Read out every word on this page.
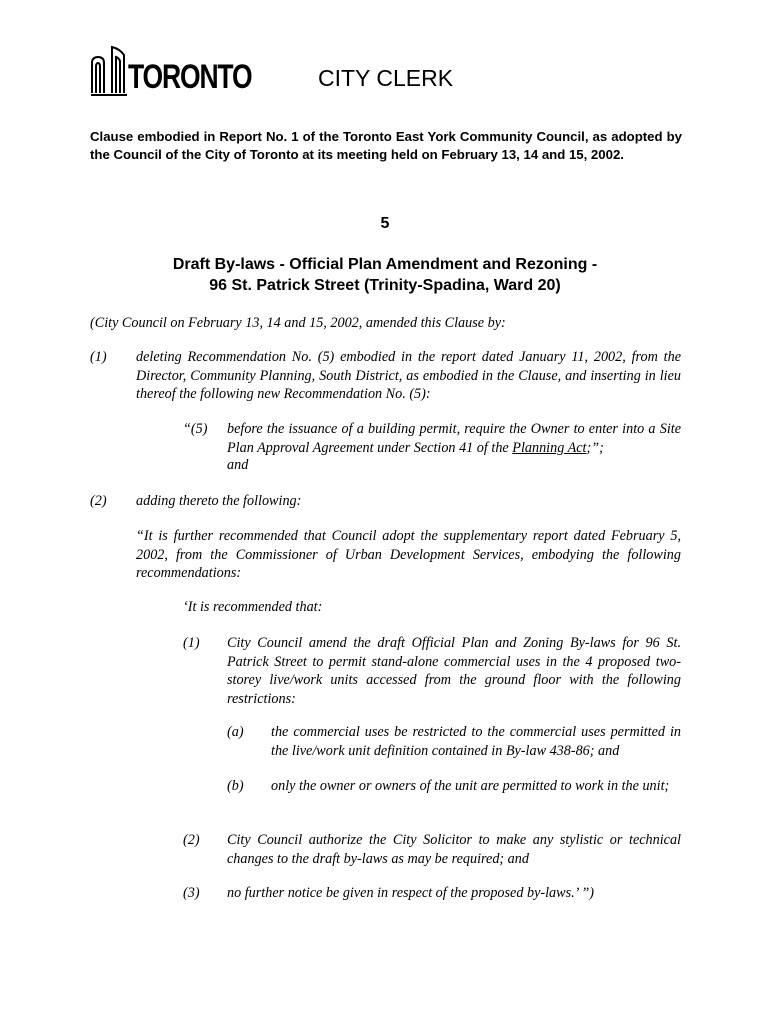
TORONTO	CITY CLERK
Clause embodied in Report No. 1 of the Toronto East York Community Council, as adopted by the Council of the City of Toronto at its meeting held on February 13, 14 and 15, 2002.
5
Draft By-laws - Official Plan Amendment and Rezoning -
96 St. Patrick Street (Trinity-Spadina, Ward 20)
(City Council on February 13, 14 and 15, 2002, amended this Clause by:
(1) deleting Recommendation No. (5) embodied in the report dated January 11, 2002, from the Director, Community Planning, South District, as embodied in the Clause, and inserting in lieu thereof the following new Recommendation No. (5):
“(5) before the issuance of a building permit, require the Owner to enter into a Site Plan Approval Agreement under Section 41 of the Planning Act;”;
and
(2) adding thereto the following:
“It is further recommended that Council adopt the supplementary report dated February 5, 2002, from the Commissioner of Urban Development Services, embodying the following recommendations:
‘It is recommended that:
(1) City Council amend the draft Official Plan and Zoning By-laws for 96 St. Patrick Street to permit stand-alone commercial uses in the 4 proposed two-storey live/work units accessed from the ground floor with the following restrictions:
(a) the commercial uses be restricted to the commercial uses permitted in the live/work unit definition contained in By-law 438-86; and
(b) only the owner or owners of the unit are permitted to work in the unit;
(2) City Council authorize the City Solicitor to make any stylistic or technical changes to the draft by-laws as may be required; and
(3) no further notice be given in respect of the proposed by-laws.’ ”)
